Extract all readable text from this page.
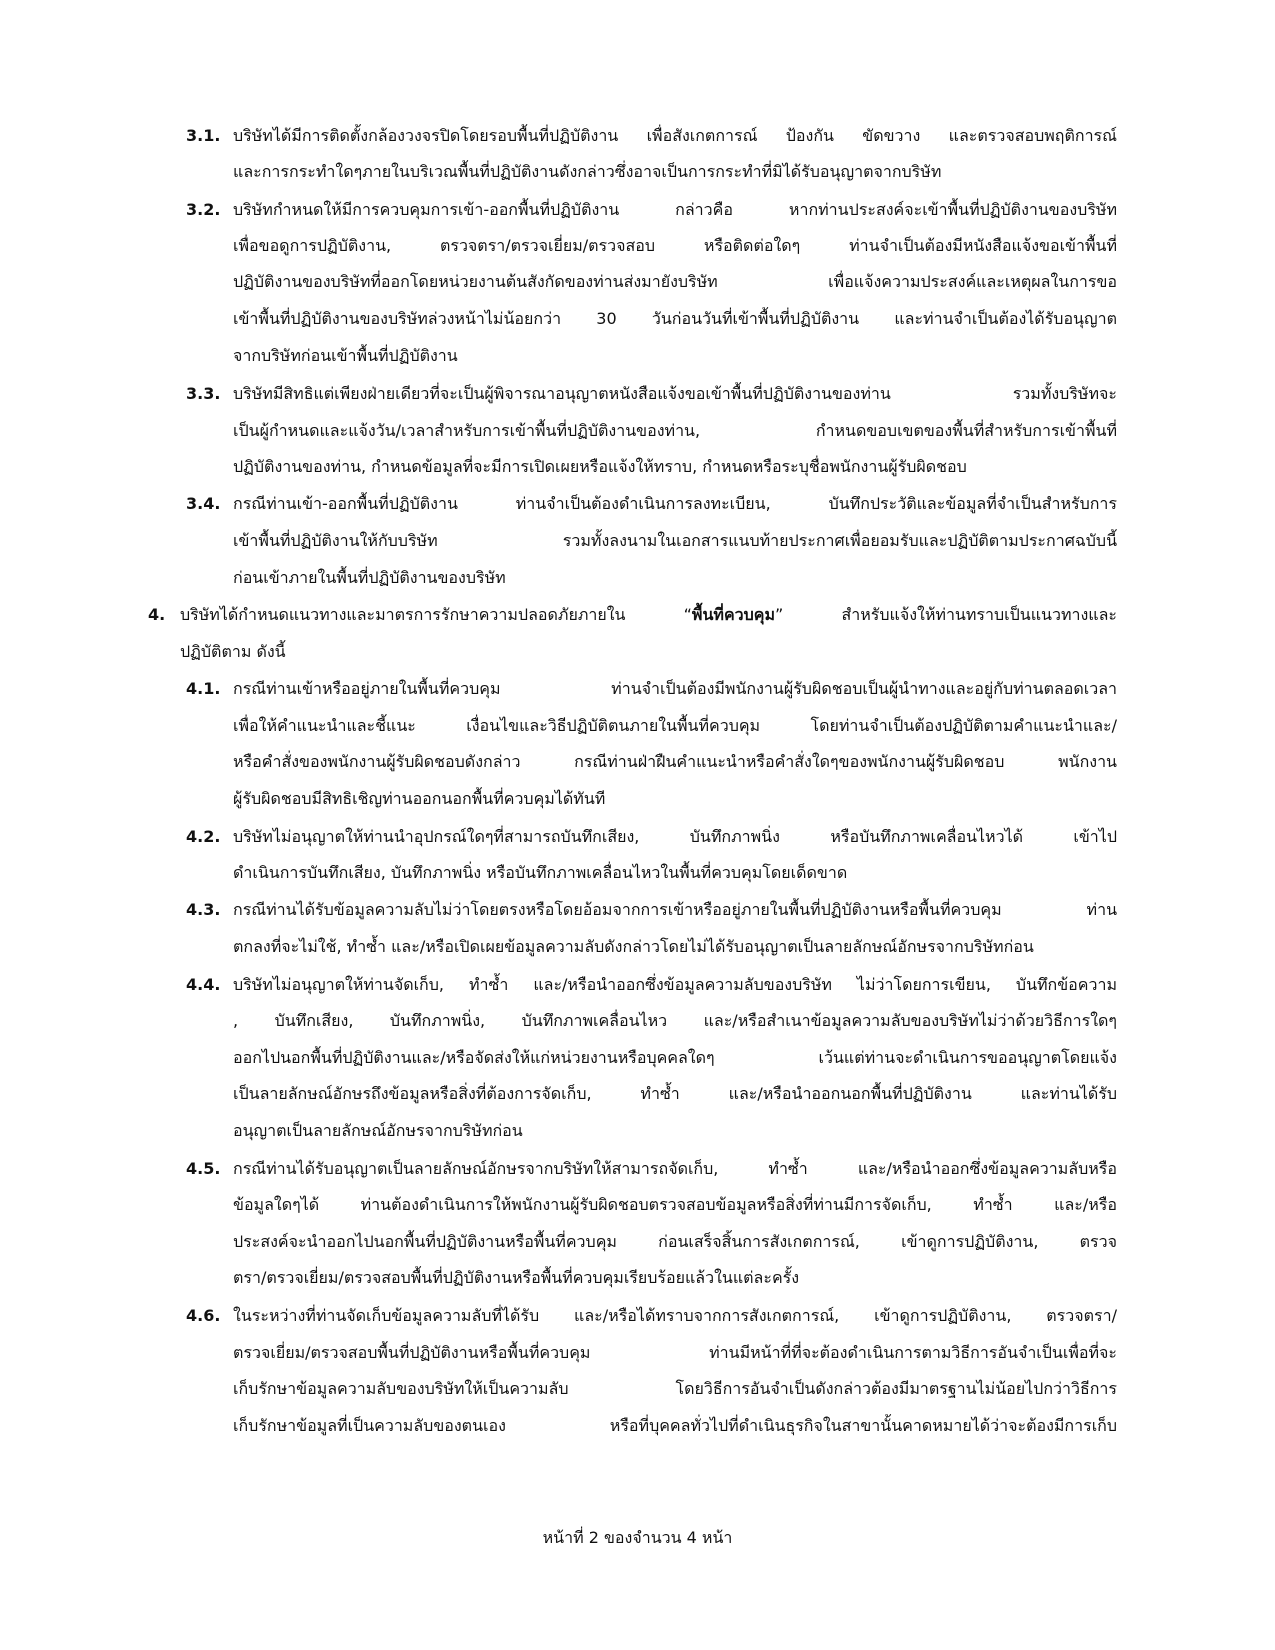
3.1. บริษัทได้มีการติดตั้งกล้องวงจรปิดโดยรอบพื้นที่ปฏิบัติงาน เพื่อสังเกตการณ์ ป้องกัน ขัดขวาง และตรวจสอบพฤติการณ์
และการกระทำใดๆภายในบริเวณพื้นที่ปฏิบัติงานดังกล่าวซึ่งอาจเป็นการกระทำที่มิได้รับอนุญาตจากบริษัท
3.2. บริษัทกำหนดให้มีการควบคุมการเข้า-ออกพื้นที่ปฏิบัติงาน กล่าวคือ หากท่านประสงค์จะเข้าพื้นที่ปฏิบัติงานของบริษัท
เพื่อขอดูการปฏิบัติงาน, ตรวจตรา/ตรวจเยี่ยม/ตรวจสอบ หรือติดต่อใดๆ ท่านจำเป็นต้องมีหนังสือแจ้งขอเข้าพื้นที่
ปฏิบัติงานของบริษัทที่ออกโดยหน่วยงานต้นสังกัดของท่านส่งมายังบริษัท เพื่อแจ้งความประสงค์และเหตุผลในการขอ
เข้าพื้นที่ปฏิบัติงานของบริษัทล่วงหน้าไม่น้อยกว่า 30 วันก่อนวันที่เข้าพื้นที่ปฏิบัติงาน และท่านจำเป็นต้องได้รับอนุญาต
จากบริษัทก่อนเข้าพื้นที่ปฏิบัติงาน
3.3. บริษัทมีสิทธิแต่เพียงฝ่ายเดียวที่จะเป็นผู้พิจารณาอนุญาตหนังสือแจ้งขอเข้าพื้นที่ปฏิบัติงานของท่าน รวมทั้งบริษัทจะ
เป็นผู้กำหนดและแจ้งวัน/เวลาสำหรับการเข้าพื้นที่ปฏิบัติงานของท่าน, กำหนดขอบเขตของพื้นที่สำหรับการเข้าพื้นที่
ปฏิบัติงานของท่าน, กำหนดข้อมูลที่จะมีการเปิดเผยหรือแจ้งให้ทราบ, กำหนดหรือระบุชื่อพนักงานผู้รับผิดชอบ
3.4. กรณีท่านเข้า-ออกพื้นที่ปฏิบัติงาน ท่านจำเป็นต้องดำเนินการลงทะเบียน, บันทึกประวัติและข้อมูลที่จำเป็นสำหรับการ
เข้าพื้นที่ปฏิบัติงานให้กับบริษัท รวมทั้งลงนามในเอกสารแนบท้ายประกาศเพื่อยอมรับและปฏิบัติตามประกาศฉบับนี้
ก่อนเข้าภายในพื้นที่ปฏิบัติงานของบริษัท
4. บริษัทได้กำหนดแนวทางและมาตรการรักษาความปลอดภัยภายใน “พื้นที่ควบคุม” สำหรับแจ้งให้ท่านทราบเป็นแนวทางและ
ปฏิบัติตาม ดังนี้
4.1. กรณีท่านเข้าหรืออยู่ภายในพื้นที่ควบคุม ท่านจำเป็นต้องมีพนักงานผู้รับผิดชอบเป็นผู้นำทางและอยู่กับท่านตลอดเวลา
เพื่อให้คำแนะนำและชี้แนะ เงื่อนไขและวิธีปฏิบัติตนภายในพื้นที่ควบคุม โดยท่านจำเป็นต้องปฏิบัติตามคำแนะนำและ/
หรือคำสั่งของพนักงานผู้รับผิดชอบดังกล่าว กรณีท่านฝ่าฝืนคำแนะนำหรือคำสั่งใดๆของพนักงานผู้รับผิดชอบ พนักงาน
ผู้รับผิดชอบมีสิทธิเชิญท่านออกนอกพื้นที่ควบคุมได้ทันที
4.2. บริษัทไม่อนุญาตให้ท่านนำอุปกรณ์ใดๆที่สามารถบันทึกเสียง, บันทึกภาพนิ่ง หรือบันทึกภาพเคลื่อนไหวได้ เข้าไป
ดำเนินการบันทึกเสียง, บันทึกภาพนิ่ง หรือบันทึกภาพเคลื่อนไหวในพื้นที่ควบคุมโดยเด็ดขาด
4.3. กรณีท่านได้รับข้อมูลความลับไม่ว่าโดยตรงหรือโดยอ้อมจากการเข้าหรืออยู่ภายในพื้นที่ปฏิบัติงานหรือพื้นที่ควบคุม ท่าน
ตกลงที่จะไม่ใช้, ทำซ้ำ และ/หรือเปิดเผยข้อมูลความลับดังกล่าวโดยไม่ได้รับอนุญาตเป็นลายลักษณ์อักษรจากบริษัทก่อน
4.4. บริษัทไม่อนุญาตให้ท่านจัดเก็บ, ทำซ้ำ และ/หรือนำออกซึ่งข้อมูลความลับของบริษัท ไม่ว่าโดยการเขียน, บันทึกข้อความ
, บันทึกเสียง, บันทึกภาพนิ่ง, บันทึกภาพเคลื่อนไหว และ/หรือสำเนาข้อมูลความลับของบริษัทไม่ว่าด้วยวิธีการใดๆ
ออกไปนอกพื้นที่ปฏิบัติงานและ/หรือจัดส่งให้แก่หน่วยงานหรือบุคคลใดๆ เว้นแต่ท่านจะดำเนินการขออนุญาตโดยแจ้ง
เป็นลายลักษณ์อักษรถึงข้อมูลหรือสิ่งที่ต้องการจัดเก็บ, ทำซ้ำ และ/หรือนำออกนอกพื้นที่ปฏิบัติงาน และท่านได้รับ
อนุญาตเป็นลายลักษณ์อักษรจากบริษัทก่อน
4.5. กรณีท่านได้รับอนุญาตเป็นลายลักษณ์อักษรจากบริษัทให้สามารถจัดเก็บ, ทำซ้ำ และ/หรือนำออกซึ่งข้อมูลความลับหรือ
ข้อมูลใดๆได้ ท่านต้องดำเนินการให้พนักงานผู้รับผิดชอบตรวจสอบข้อมูลหรือสิ่งที่ท่านมีการจัดเก็บ, ทำซ้ำ และ/หรือ
ประสงค์จะนำออกไปนอกพื้นที่ปฏิบัติงานหรือพื้นที่ควบคุม ก่อนเสร็จสิ้นการสังเกตการณ์, เข้าดูการปฏิบัติงาน, ตรวจ
ตรา/ตรวจเยี่ยม/ตรวจสอบพื้นที่ปฏิบัติงานหรือพื้นที่ควบคุมเรียบร้อยแล้วในแต่ละครั้ง
4.6. ในระหว่างที่ท่านจัดเก็บข้อมูลความลับที่ได้รับ และ/หรือได้ทราบจากการสังเกตการณ์, เข้าดูการปฏิบัติงาน, ตรวจตรา/
ตรวจเยี่ยม/ตรวจสอบพื้นที่ปฏิบัติงานหรือพื้นที่ควบคุม ท่านมีหน้าที่ที่จะต้องดำเนินการตามวิธีการอันจำเป็นเพื่อที่จะ
เก็บรักษาข้อมูลความลับของบริษัทให้เป็นความลับ โดยวิธีการอันจำเป็นดังกล่าวต้องมีมาตรฐานไม่น้อยไปกว่าวิธีการ
เก็บรักษาข้อมูลที่เป็นความลับของตนเอง หรือที่บุคคลทั่วไปที่ดำเนินธุรกิจในสาขานั้นคาดหมายได้ว่าจะต้องมีการเก็บ
หน้าที่ 2 ของจำนวน 4 หน้า
